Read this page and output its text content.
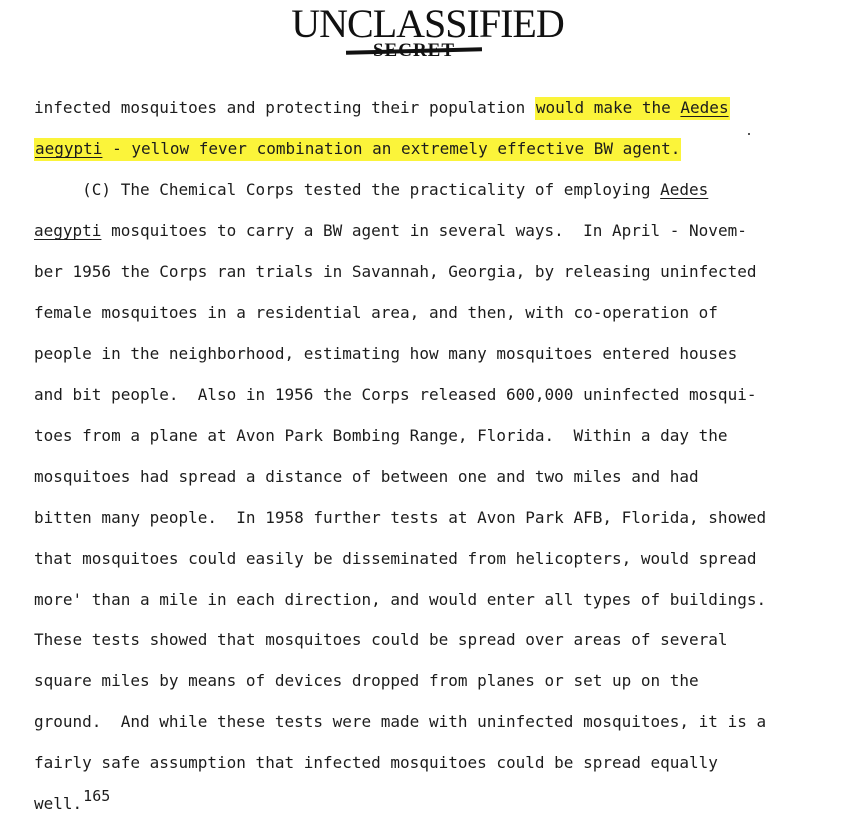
UNCLASSIFIED
infected mosquitoes and protecting their population would make the Aedes
aegypti - yellow fever combination an extremely effective BW agent.
(C) The Chemical Corps tested the practicality of employing Aedes
aegypti mosquitoes to carry a BW agent in several ways.  In April - Novem-
ber 1956 the Corps ran trials in Savannah, Georgia, by releasing uninfected
female mosquitoes in a residential area, and then, with co-operation of
people in the neighborhood, estimating how many mosquitoes entered houses
and bit people.  Also in 1956 the Corps released 600,000 uninfected mosqui-
toes from a plane at Avon Park Bombing Range, Florida.  Within a day the
mosquitoes had spread a distance of between one and two miles and had
bitten many people.  In 1958 further tests at Avon Park AFB, Florida, showed
that mosquitoes could easily be disseminated from helicopters, would spread
more' than a mile in each direction, and would enter all types of buildings.
These tests showed that mosquitoes could be spread over areas of several
square miles by means of devices dropped from planes or set up on the
ground.  And while these tests were made with uninfected mosquitoes, it is a
fairly safe assumption that infected mosquitoes could be spread equally
well.165
